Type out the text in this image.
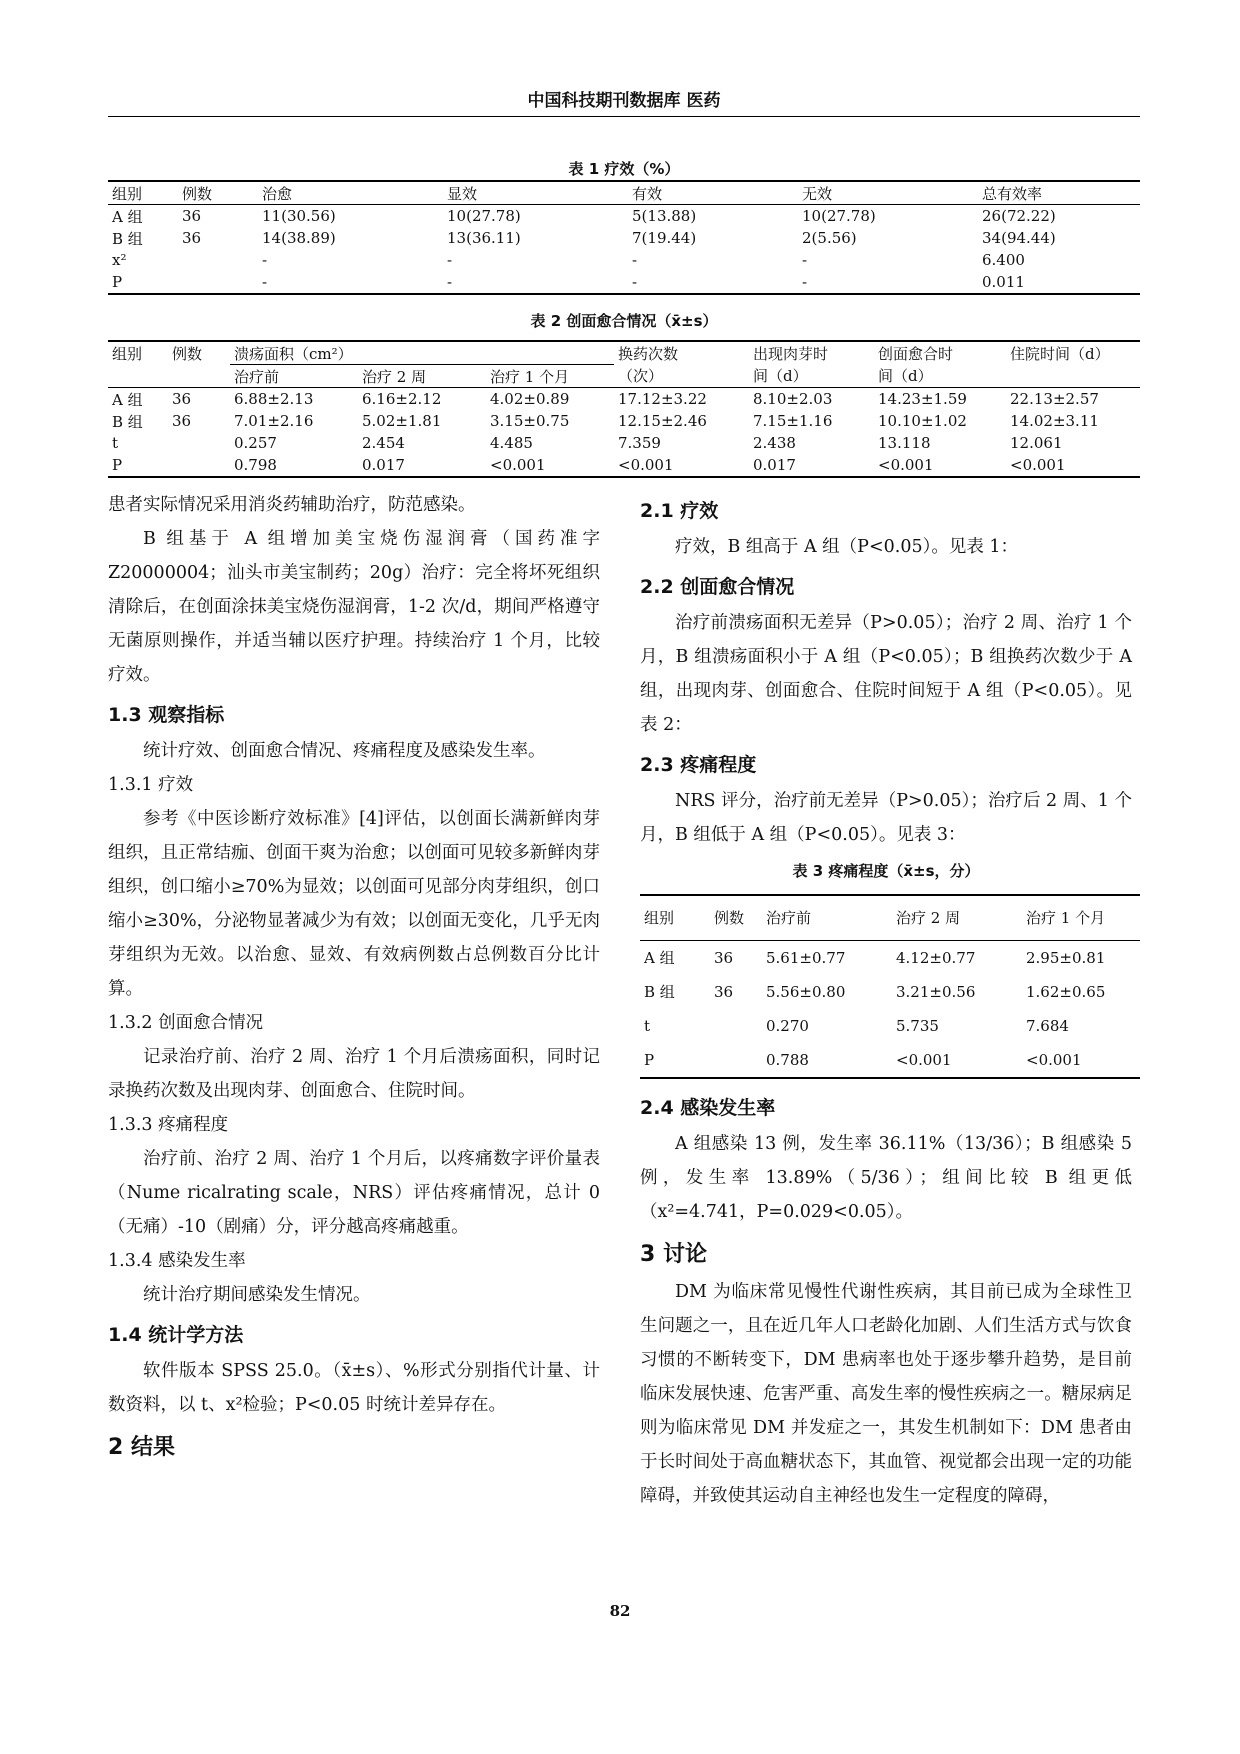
中国科技期刊数据库 医药
表 1 疗效（%）
组别	例数	治愈	显效	有效	无效	总有效率
A 组	36	11(30.56)	10(27.78)	5(13.88)	10(27.78)	26(72.22)
B 组	36	14(38.89)	13(36.11)	7(19.44)	2(5.56)	34(94.44)
x²		-	-	-	-	6.400
P		-	-	-	-	0.011
表 2 创面愈合情况（x̄±s）
组别	例数	溃疡面积（cm²）			换药次数	出现肉芽时	创面愈合时	住院时间（d）
		治疗前	治疗 2 周	治疗 1 个月	（次）	间（d）	间（d）	
A 组	36	6.88±2.13	6.16±2.12	4.02±0.89	17.12±3.22	8.10±2.03	14.23±1.59	22.13±2.57
B 组	36	7.01±2.16	5.02±1.81	3.15±0.75	12.15±2.46	7.15±1.16	10.10±1.02	14.02±3.11
t		0.257	2.454	4.485	7.359	2.438	13.118	12.061
P		0.798	0.017	<0.001	<0.001	0.017	<0.001	<0.001

患者实际情况采用消炎药辅助治疗，防范感染。

B 组基于 A 组增加美宝烧伤湿润膏（国药准字 Z20000004；汕头市美宝制药；20g）治疗：完全将坏死组织清除后，在创面涂抹美宝烧伤湿润膏，1-2 次/d，期间严格遵守无菌原则操作，并适当辅以医疗护理。持续治疗 1 个月，比较疗效。

1.3 观察指标

统计疗效、创面愈合情况、疼痛程度及感染发生率。

1.3.1 疗效

参考《中医诊断疗效标准》[4]评估，以创面长满新鲜肉芽组织，且正常结痂、创面干爽为治愈；以创面可见较多新鲜肉芽组织，创口缩小≥70%为显效；以创面可见部分肉芽组织，创口缩小≥30%，分泌物显著减少为有效；以创面无变化，几乎无肉芽组织为无效。以治愈、显效、有效病例数占总例数百分比计算。

1.3.2 创面愈合情况

记录治疗前、治疗 2 周、治疗 1 个月后溃疡面积，同时记录换药次数及出现肉芽、创面愈合、住院时间。

1.3.3 疼痛程度

治疗前、治疗 2 周、治疗 1 个月后，以疼痛数字评价量表（Nume ricalrating scale，NRS）评估疼痛情况，总计 0（无痛）-10（剧痛）分，评分越高疼痛越重。

1.3.4 感染发生率

统计治疗期间感染发生情况。

1.4 统计学方法

软件版本 SPSS 25.0。（x̄±s）、%形式分别指代计量、计数资料，以 t、x²检验；P<0.05 时统计差异存在。

2 结果
2.1 疗效

疗效，B 组高于 A 组（P<0.05）。见表 1：

2.2 创面愈合情况

治疗前溃疡面积无差异（P>0.05）；治疗 2 周、治疗 1 个月，B 组溃疡面积小于 A 组（P<0.05）；B 组换药次数少于 A 组，出现肉芽、创面愈合、住院时间短于 A 组（P<0.05）。见表 2：

2.3 疼痛程度

NRS 评分，治疗前无差异（P>0.05）；治疗后 2 周、1 个月，B 组低于 A 组（P<0.05）。见表 3：

表 3 疼痛程度（x̄±s，分）
组别	例数	治疗前	治疗 2 周	治疗 1 个月
A 组	36	5.61±0.77	4.12±0.77	2.95±0.81
B 组	36	5.56±0.80	3.21±0.56	1.62±0.65
t		0.270	5.735	7.684
P		0.788	<0.001	<0.001
2.4 感染发生率

A 组感染 13 例，发生率 36.11%（13/36）；B 组感染 5 例，发生率 13.89%（5/36）；组间比较 B 组更低（x²=4.741，P=0.029<0.05）。

3 讨论

DM 为临床常见慢性代谢性疾病，其目前已成为全球性卫生问题之一，且在近几年人口老龄化加剧、人们生活方式与饮食习惯的不断转变下，DM 患病率也处于逐步攀升趋势，是目前临床发展快速、危害严重、高发生率的慢性疾病之一。糖尿病足则为临床常见 DM 并发症之一，其发生机制如下：DM 患者由于长时间处于高血糖状态下，其血管、视觉都会出现一定的功能障碍，并致使其运动自主神经也发生一定程度的障碍，

82
